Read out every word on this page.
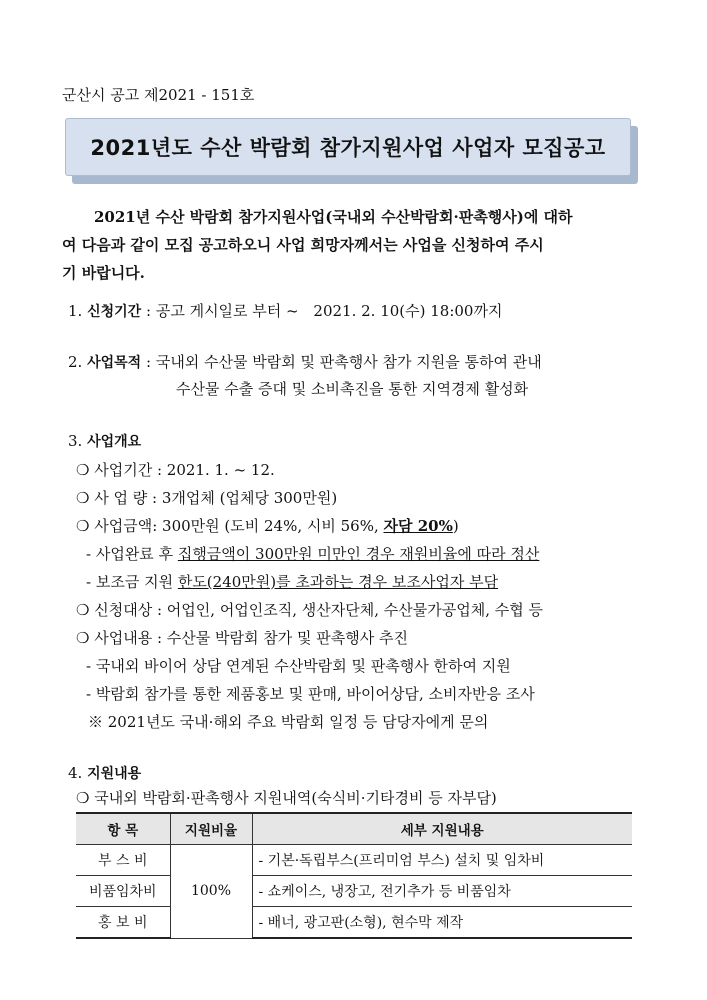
군산시 공고 제2021 - 151호
2021년도 수산 박람회 참가지원사업 사업자 모집공고
2021년 수산 박람회 참가지원사업(국내외 수산박람회·판촉행사)에 대하
여 다음과 같이 모집 공고하오니 사업 희망자께서는 사업을 신청하여 주시
기 바랍니다.
1. 신청기간 : 공고 게시일로 부터 ~ 2021. 2. 10(수) 18:00까지
2. 사업목적 : 국내외 수산물 박람회 및 판촉행사 참가 지원을 통하여 관내
수산물 수출 증대 및 소비촉진을 통한 지역경제 활성화
3. 사업개요
❍ 사업기간 : 2021. 1. ~ 12.
❍ 사 업 량 : 3개업체 (업체당 300만원)
❍ 사업금액: 300만원 (도비 24%, 시비 56%, 자담 20%)
- 사업완료 후 집행금액이 300만원 미만인 경우 재원비율에 따라 정산
- 보조금 지원 한도(240만원)를 초과하는 경우 보조사업자 부담
❍ 신청대상 : 어업인, 어업인조직, 생산자단체, 수산물가공업체, 수협 등
❍ 사업내용 : 수산물 박람회 참가 및 판촉행사 추진
- 국내외 바이어 상담 연계된 수산박람회 및 판촉행사 한하여 지원
- 박람회 참가를 통한 제품홍보 및 판매, 바이어상담, 소비자반응 조사
※ 2021년도 국내·해외 주요 박람회 일정 등 담당자에게 문의
4. 지원내용
❍ 국내외 박람회·판촉행사 지원내역(숙식비·기타경비 등 자부담)
항 목	지원비율	세부 지원내용
부 스 비	100%	- 기본·독립부스(프리미엄 부스) 설치 및 임차비
비품임차비		- 쇼케이스, 냉장고, 전기추가 등 비품임차
홍 보 비		- 배너, 광고판(소형), 현수막 제작
